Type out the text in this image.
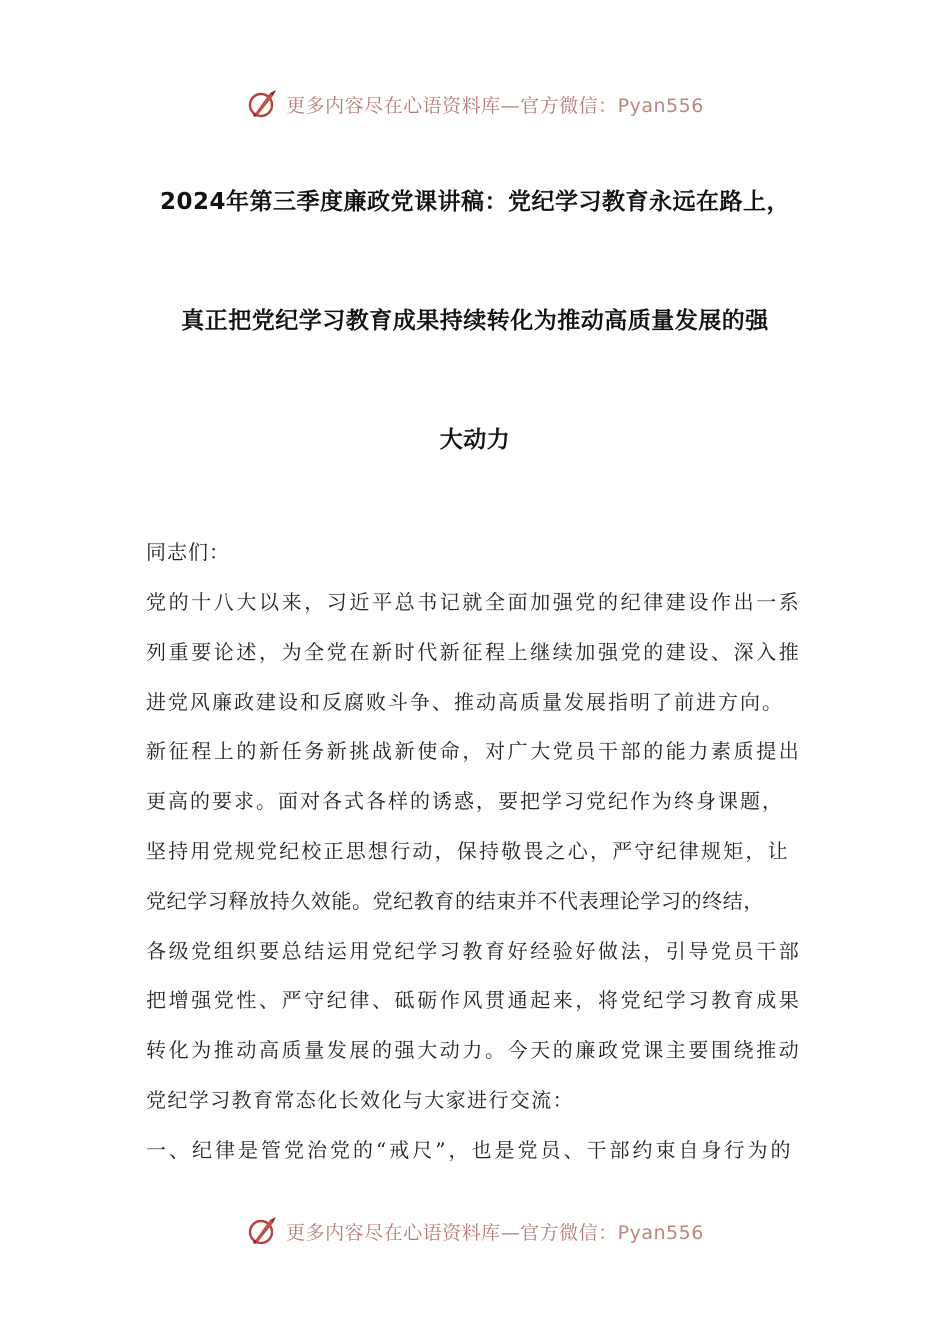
更多内容尽在心语资料库—官方微信：Pyan556
2024年第三季度廉政党课讲稿：党纪学习教育永远在路上，
真正把党纪学习教育成果持续转化为推动高质量发展的强
大动力
同志们：
党的十八大以来，习近平总书记就全面加强党的纪律建设作出一系
列重要论述，为全党在新时代新征程上继续加强党的建设、深入推
进党风廉政建设和反腐败斗争、推动高质量发展指明了前进方向。
新征程上的新任务新挑战新使命，对广大党员干部的能力素质提出
更高的要求。面对各式各样的诱惑，要把学习党纪作为终身课题，
坚持用党规党纪校正思想行动，保持敬畏之心，严守纪律规矩，让
党纪学习释放持久效能。党纪教育的结束并不代表理论学习的终结，
各级党组织要总结运用党纪学习教育好经验好做法，引导党员干部
把增强党性、严守纪律、砥砺作风贯通起来，将党纪学习教育成果
转化为推动高质量发展的强大动力。今天的廉政党课主要围绕推动
党纪学习教育常态化长效化与大家进行交流：
一、纪律是管党治党的“戒尺”，也是党员、干部约束自身行为的
更多内容尽在心语资料库—官方微信：Pyan556
